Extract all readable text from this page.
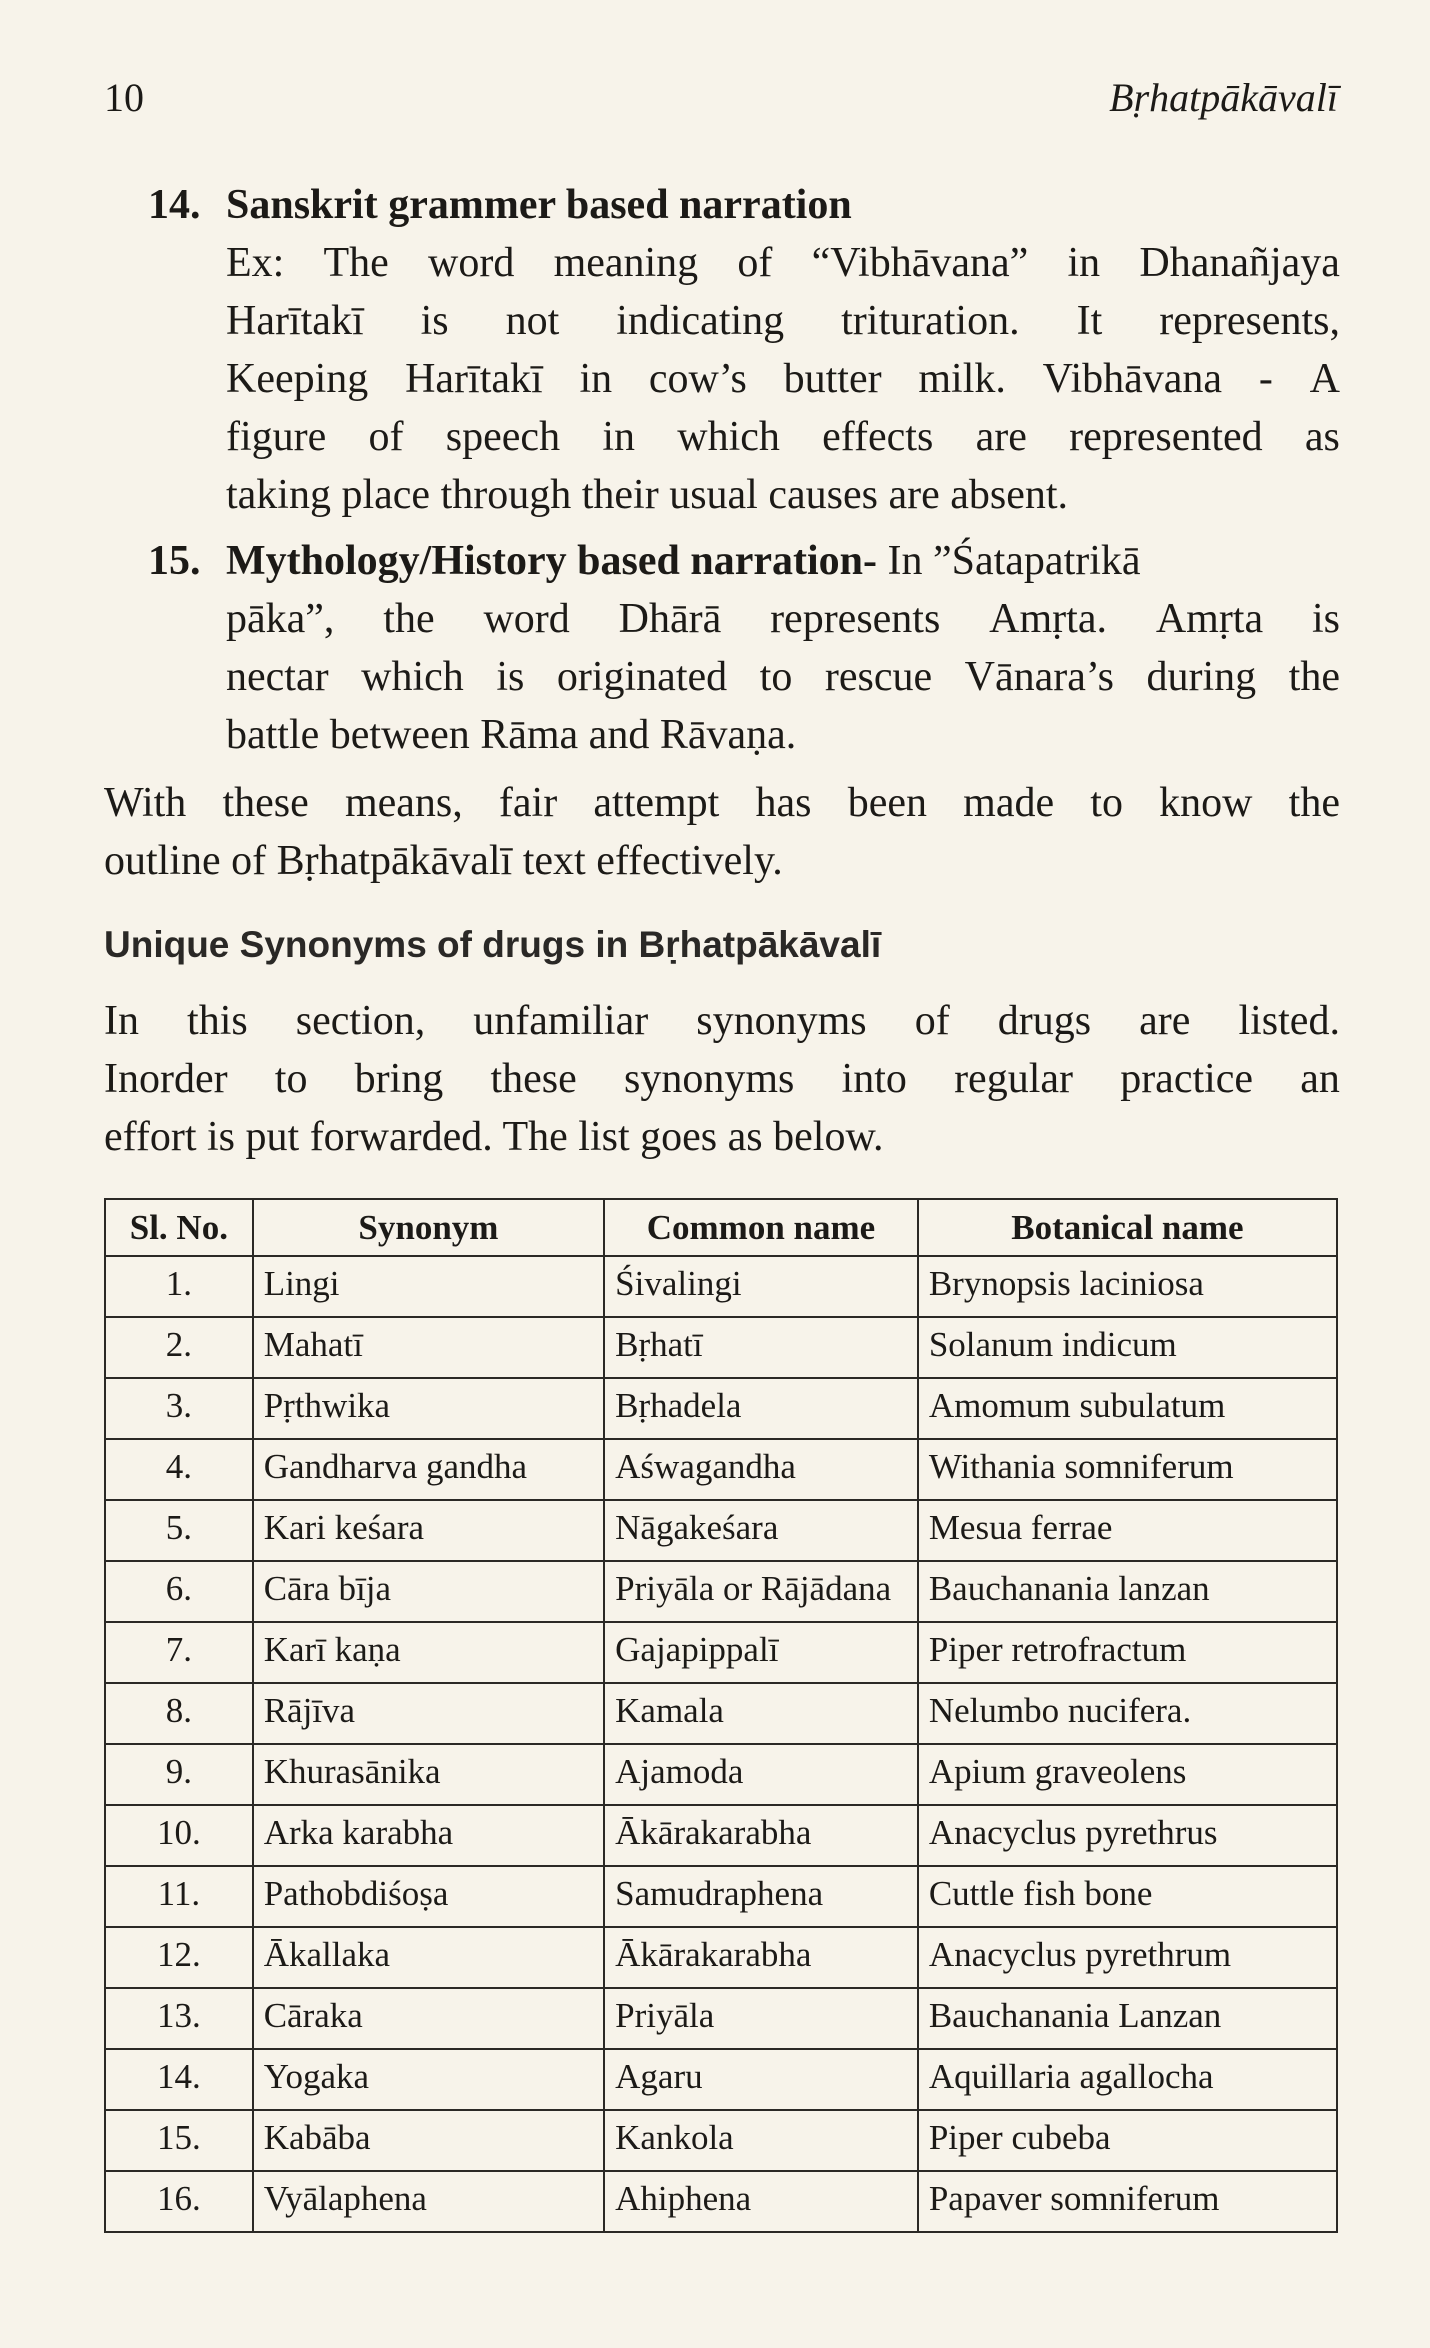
10	Bṛhatpākāvalī
14. Sanskrit grammer based narration
Ex: The word meaning of “Vibhāvana” in Dhanañjaya
Harītakī is not indicating trituration. It represents,
Keeping Harītakī in cow’s butter milk. Vibhāvana - A
figure of speech in which effects are represented as
taking place through their usual causes are absent.
15. Mythology/History based narration- In ”Śatapatrikā
pāka”, the word Dhārā represents Amṛta. Amṛta is
nectar which is originated to rescue Vānara’s during the
battle between Rāma and Rāvaṇa.
With these means, fair attempt has been made to know the
outline of Bṛhatpākāvalī text effectively.
Unique Synonyms of drugs in Bṛhatpākāvalī
In this section, unfamiliar synonyms of drugs are listed.
Inorder to bring these synonyms into regular practice an
effort is put forwarded. The list goes as below.
Sl. No.	Synonym	Common name	Botanical name
1.	Lingi	Śivalingi	Brynopsis laciniosa
2.	Mahatī	Bṛhatī	Solanum indicum
3.	Pṛthwika	Bṛhadela	Amomum subulatum
4.	Gandharva gandha	Aśwagandha	Withania somniferum
5.	Kari keśara	Nāgakeśara	Mesua ferrae
6.	Cāra bīja	Priyāla or Rājādana	Bauchanania lanzan
7.	Karī kaṇa	Gajapippalī	Piper retrofractum
8.	Rājīva	Kamala	Nelumbo nucifera.
9.	Khurasānika	Ajamoda	Apium graveolens
10.	Arka karabha	Ākārakarabha	Anacyclus pyrethrus
11.	Pathobdiśoṣa	Samudraphena	Cuttle fish bone
12.	Ākallaka	Ākārakarabha	Anacyclus pyrethrum
13.	Cāraka	Priyāla	Bauchanania Lanzan
14.	Yogaka	Agaru	Aquillaria agallocha
15.	Kabāba	Kankola	Piper cubeba
16.	Vyālaphena	Ahiphena	Papaver somniferum
